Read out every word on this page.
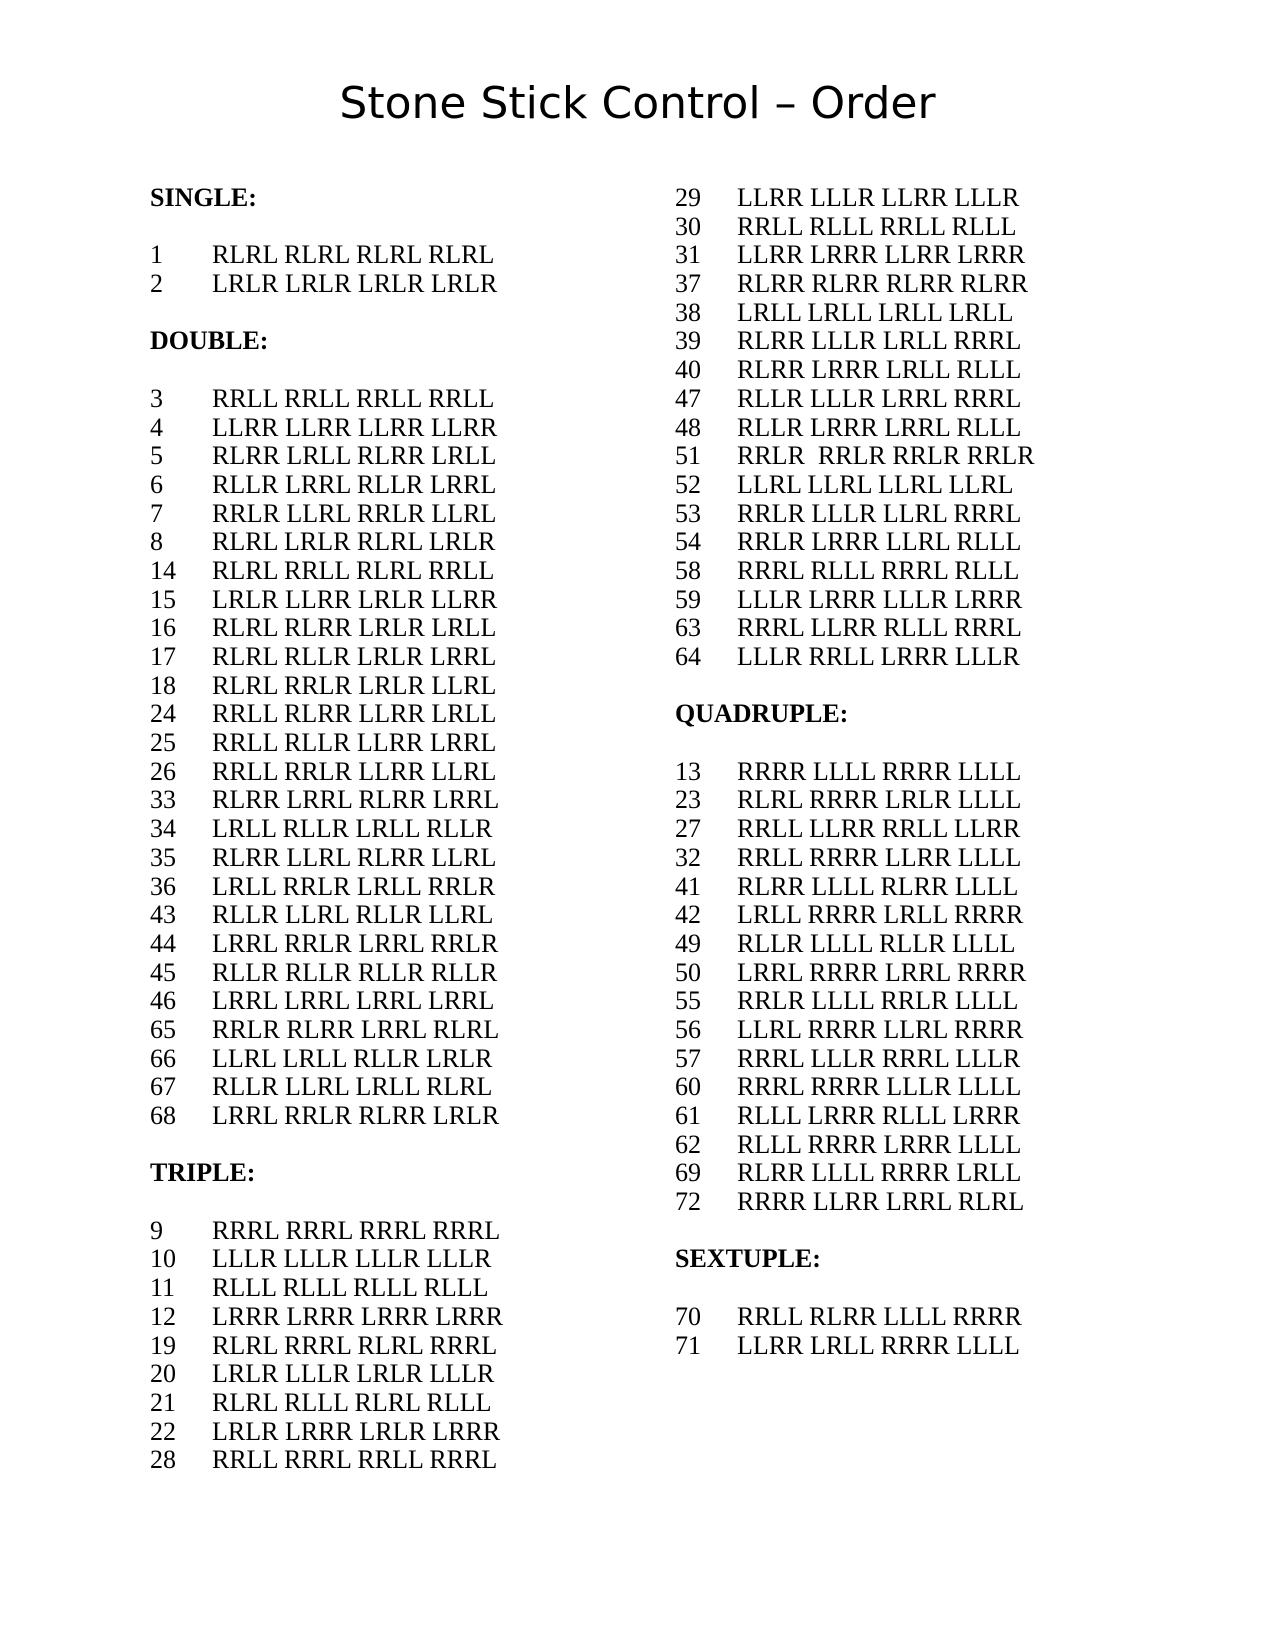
Stone Stick Control – Order
SINGLE:
1	RLRL RLRL RLRL RLRL
2	LRLR LRLR LRLR LRLR
DOUBLE:
3	RRLL RRLL RRLL RRLL
4	LLRR LLRR LLRR LLRR
5	RLRR LRLL RLRR LRLL
6	RLLR LRRL RLLR LRRL
7	RRLR LLRL RRLR LLRL
8	RLRL LRLR RLRL LRLR
14	RLRL RRLL RLRL RRLL
15	LRLR LLRR LRLR LLRR
16	RLRL RLRR LRLR LRLL
17	RLRL RLLR LRLR LRRL
18	RLRL RRLR LRLR LLRL
24	RRLL RLRR LLRR LRLL
25	RRLL RLLR LLRR LRRL
26	RRLL RRLR LLRR LLRL
33	RLRR LRRL RLRR LRRL
34	LRLL RLLR LRLL RLLR
35	RLRR LLRL RLRR LLRL
36	LRLL RRLR LRLL RRLR
43	RLLR LLRL RLLR LLRL
44	LRRL RRLR LRRL RRLR
45	RLLR RLLR RLLR RLLR
46	LRRL LRRL LRRL LRRL
65	RRLR RLRR LRRL RLRL
66	LLRL LRLL RLLR LRLR
67	RLLR LLRL LRLL RLRL
68	LRRL RRLR RLRR LRLR
TRIPLE:
9	RRRL RRRL RRRL RRRL
10	LLLR LLLR LLLR LLLR
11	RLLL RLLL RLLL RLLL
12	LRRR LRRR LRRR LRRR
19	RLRL RRRL RLRL RRRL
20	LRLR LLLR LRLR LLLR
21	RLRL RLLL RLRL RLLL
22	LRLR LRRR LRLR LRRR
28	RRLL RRRL RRLL RRRL
29	LLRR LLLR LLRR LLLR
30	RRLL RLLL RRLL RLLL
31	LLRR LRRR LLRR LRRR
37	RLRR RLRR RLRR RLRR
38	LRLL LRLL LRLL LRLL
39	RLRR LLLR LRLL RRRL
40	RLRR LRRR LRLL RLLL
47	RLLR LLLR LRRL RRRL
48	RLLR LRRR LRRL RLLL
51	RRLR  RRLR RRLR RRLR
52	LLRL LLRL LLRL LLRL
53	RRLR LLLR LLRL RRRL
54	RRLR LRRR LLRL RLLL
58	RRRL RLLL RRRL RLLL
59	LLLR LRRR LLLR LRRR
63	RRRL LLRR RLLL RRRL
64	LLLR RRLL LRRR LLLR
QUADRUPLE:
13	RRRR LLLL RRRR LLLL
23	RLRL RRRR LRLR LLLL
27	RRLL LLRR RRLL LLRR
32	RRLL RRRR LLRR LLLL
41	RLRR LLLL RLRR LLLL
42	LRLL RRRR LRLL RRRR
49	RLLR LLLL RLLR LLLL
50	LRRL RRRR LRRL RRRR
55	RRLR LLLL RRLR LLLL
56	LLRL RRRR LLRL RRRR
57	RRRL LLLR RRRL LLLR
60	RRRL RRRR LLLR LLLL
61	RLLL LRRR RLLL LRRR
62	RLLL RRRR LRRR LLLL
69	RLRR LLLL RRRR LRLL
72	RRRR LLRR LRRL RLRL
SEXTUPLE:
70	RRLL RLRR LLLL RRRR
71	LLRR LRLL RRRR LLLL
